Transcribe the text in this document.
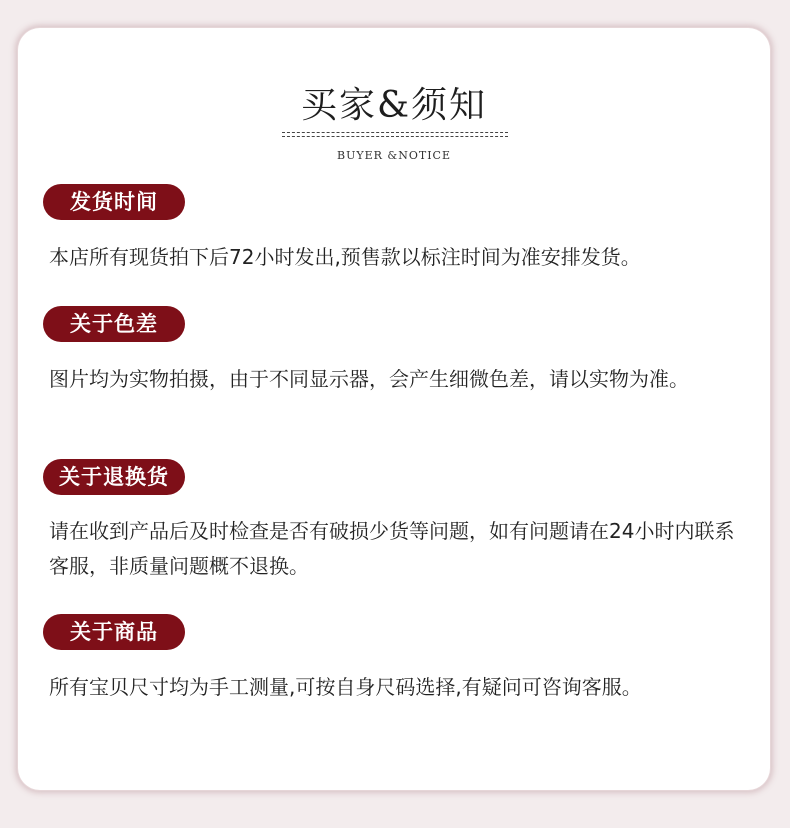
买家&须知
BUYER &NOTICE
发货时间

本店所有现货拍下后72小时发出,预售款以标注时间为准安排发货。

关于色差

图片均为实物拍摄，由于不同显示器，会产生细微色差，请以实物为准。

关于退换货

请在收到产品后及时检查是否有破损少货等问题，如有问题请在24小时内联系客服，非质量问题概不退换。

关于商品

所有宝贝尺寸均为手工测量,可按自身尺码选择,有疑问可咨询客服。
